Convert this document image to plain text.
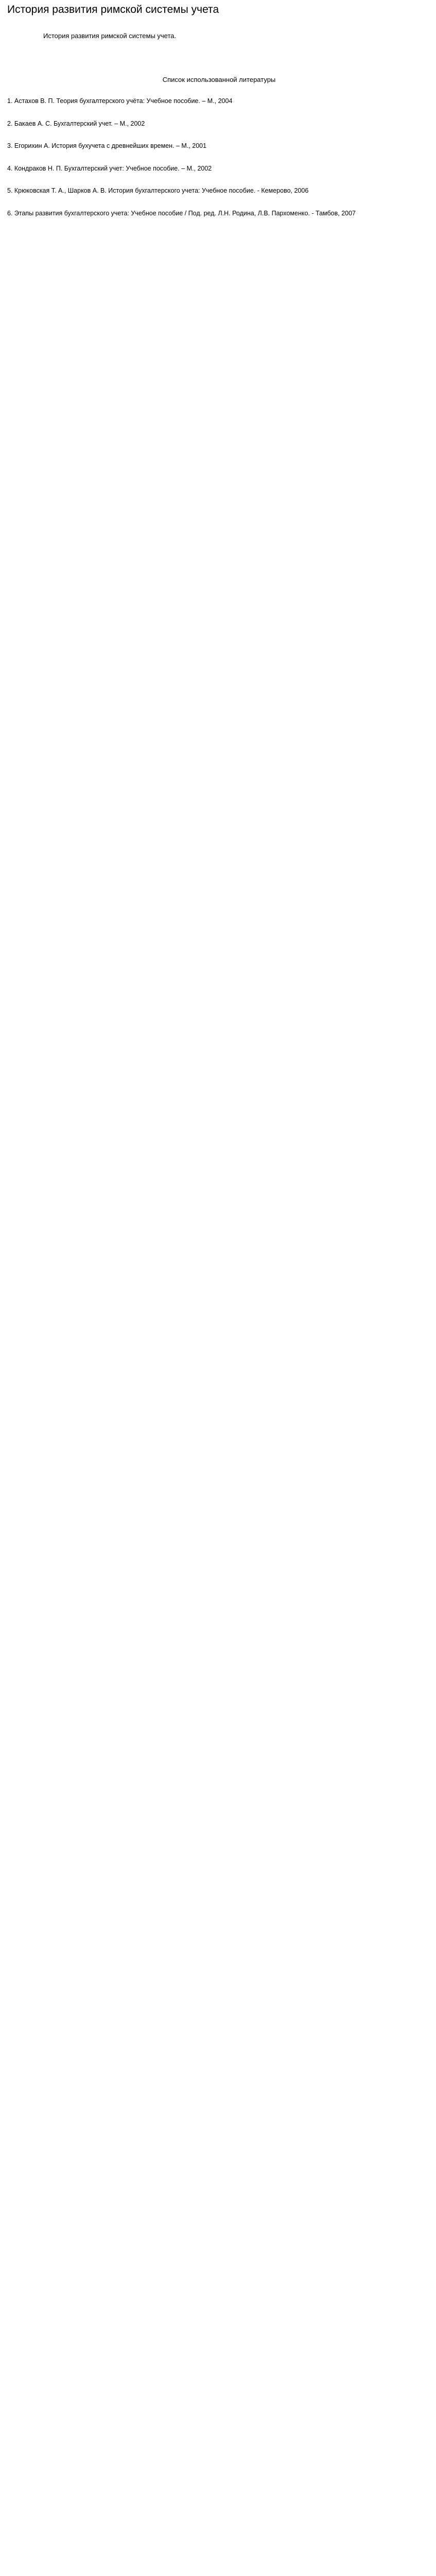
История развития римской системы учета
История развития римской системы учета.
Список использованной литературы
1. Астахов В. П. Теория бухгалтерского учёта: Учебное пособие. – М., 2004
2. Бакаев А. С. Бухгалтерский учет. – М., 2002
3. Егорихин А. История бухучета с древнейших времен. – М., 2001
4. Кондраков Н. П. Бухгалтерский учет: Учебное пособие. – М., 2002
5. Крюковская Т. А., Шарков А. В. История бухгалтерского учета: Учебное пособие. - Кемерово, 2006
6. Этапы развития бухгалтерского учета: Учебное пособие / Под. ред. Л.Н. Родина, Л.В. Пархоменко. - Тамбов, 2007
